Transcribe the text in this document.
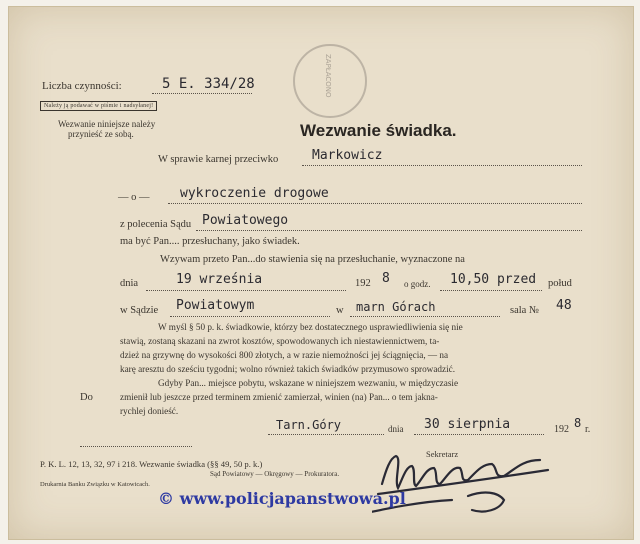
Liczba czynności:	5 E. 334/28
Należy ją podawać w piśmie i nadsyłanej!
Wezwanie niniejsze należy
przynieść ze sobą.
ZAPŁACONO
Wezwanie świadka.
W sprawie karnej przeciwko	Markowicz
— o — wykroczenie drogowe
z polecenia Sądu Powiatowego
ma być Pan.... przesłuchany, jako świadek.
Wzywam przeto Pan...do stawienia się na przesłuchanie, wyznaczone na
dnia	19 września	192 8 o godz. 10,50 przed połud
w Sądzie Powiatowym	w marn Górach	sala № 48
W myśl § 50 p. k. świadkowie, którzy bez dostatecznego usprawiedliwienia się nie
stawią, zostaną skazani na zwrot kosztów, spowodowanych ich niestawiennictwem, ta-
dzież na grzywnę do wysokości 800 złotych, a w razie niemożności jej ściągnięcia, — na
karę aresztu do sześciu tygodni; wolno również takich świadków przymusowo sprowadzić.
Gdyby Pan... miejsce pobytu, wskazane w niniejszem wezwaniu, w międzyczasie
zmienił lub jeszcze przed terminem zmienić zamierzał, winien (na) Pan... o tem jakna-
rychlej donieść.
Do
Tarn.Góry	dnia 30 sierpnia	192 8 r.
Sekretarz
P. K. L. 12, 13, 32, 97 i 218. Wezwanie świadka (§§ 49, 50 p. k.)
Sąd Powiatowy — Okręgowy — Prokuratora.
Drukarnia Banku Związku w Katowicach.
© www.policjapanstwowa.pl
